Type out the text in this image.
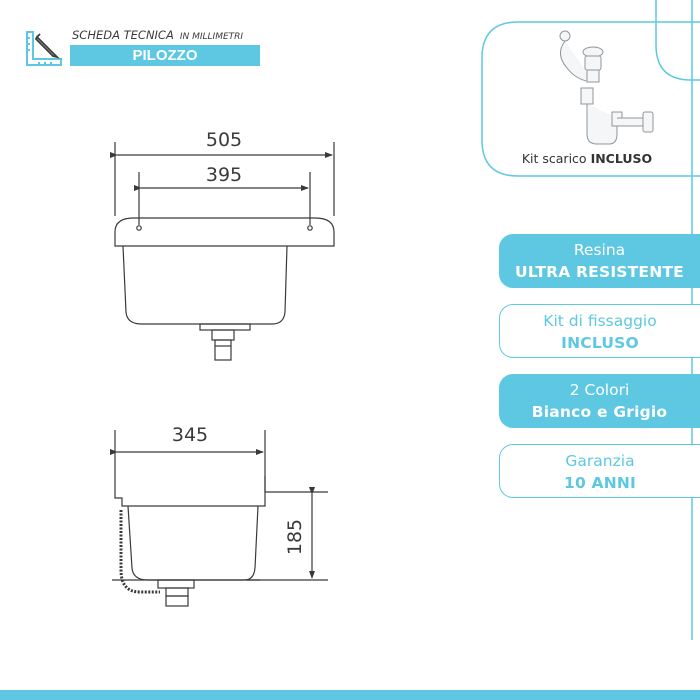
SCHEDA TECNICA IN MILLIMETRI
PILOZZO
Kit scarico INCLUSO
Resina
ULTRA RESISTENTE
Kit di fissaggio
INCLUSO
2 Colori
Bianco e Grigio
Garanzia
10 ANNI
505
395
345
185
